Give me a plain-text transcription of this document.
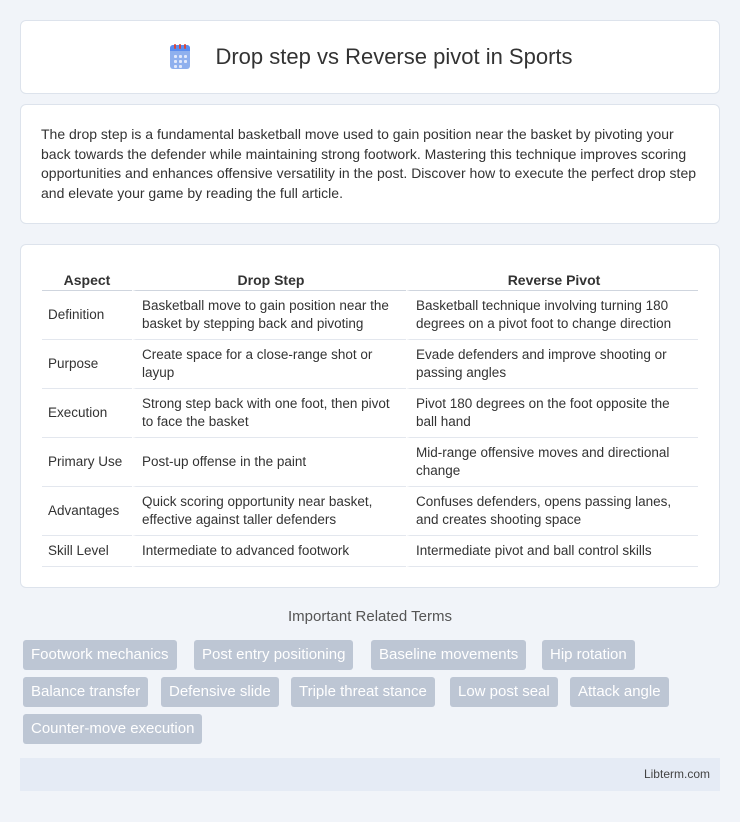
Drop step vs Reverse pivot in Sports

The drop step is a fundamental basketball move used to gain position near the basket by pivoting your back towards the defender while maintaining strong footwork. Mastering this technique improves scoring opportunities and enhances offensive versatility in the post. Discover how to execute the perfect drop step and elevate your game by reading the full article.

Aspect	Drop Step	Reverse Pivot
Definition	Basketball move to gain position near the basket by stepping back and pivoting	Basketball technique involving turning 180 degrees on a pivot foot to change direction
Purpose	Create space for a close-range shot or layup	Evade defenders and improve shooting or passing angles
Execution	Strong step back with one foot, then pivot to face the basket	Pivot 180 degrees on the foot opposite the ball hand
Primary Use	Post-up offense in the paint	Mid-range offensive moves and directional change
Advantages	Quick scoring opportunity near basket, effective against taller defenders	Confuses defenders, opens passing lanes, and creates shooting space
Skill Level	Intermediate to advanced footwork	Intermediate pivot and ball control skills
Important Related Terms
Footwork mechanics	Post entry positioning	Baseline movements	Hip rotation
Balance transfer	Defensive slide	Triple threat stance	Low post seal	Attack angle
Counter-move execution
Libterm.com
